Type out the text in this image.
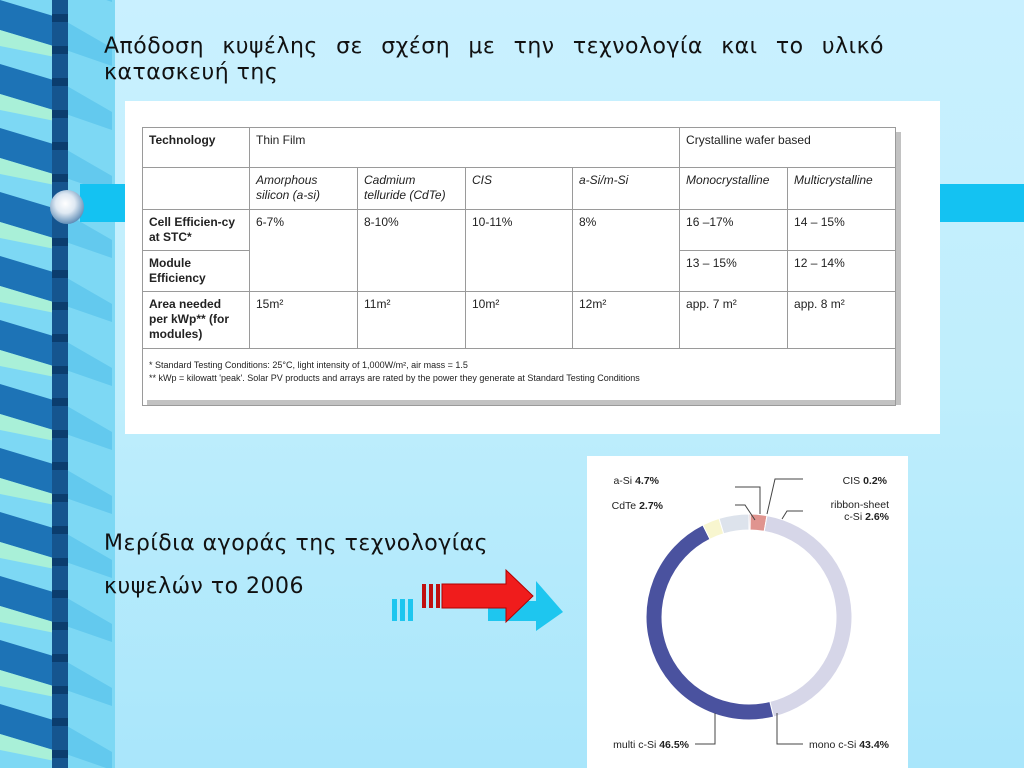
Απόδοση κυψέλης σε σχέση με την τεχνολογία και το υλικό κατασκευή της
Technology	Thin Film				Crystalline wafer based	
	Amorphous silicon (a-si)	Cadmium telluride (CdTe)	CIS	a-Si/m-Si	Monocrystalline	Multicrystalline
Cell Efficien-cy at STC*	6-7%	8-10%	10-11%	8%	16 –17%	14 – 15%
Module Efficiency					13 – 15%	12 – 14%
Area needed per kWp** (for modules)	15m²	11m²	10m²	12m²	app. 7 m²	app. 8 m²

* Standard Testing Conditions: 25°C, light intensity of 1,000W/m², air mass = 1.5
** kWp = kilowatt 'peak'. Solar PV products and arrays are rated by the power they generate at Standard Testing Conditions						

Μερίδια αγοράς της τεχνολογίας κυψελών το 2006

a-Si 4.7%
CdTe 2.7%
CIS 0.2%
ribbon-sheet c-Si 2.6%
mono c-Si 43.4%
multi c-Si 46.5%
